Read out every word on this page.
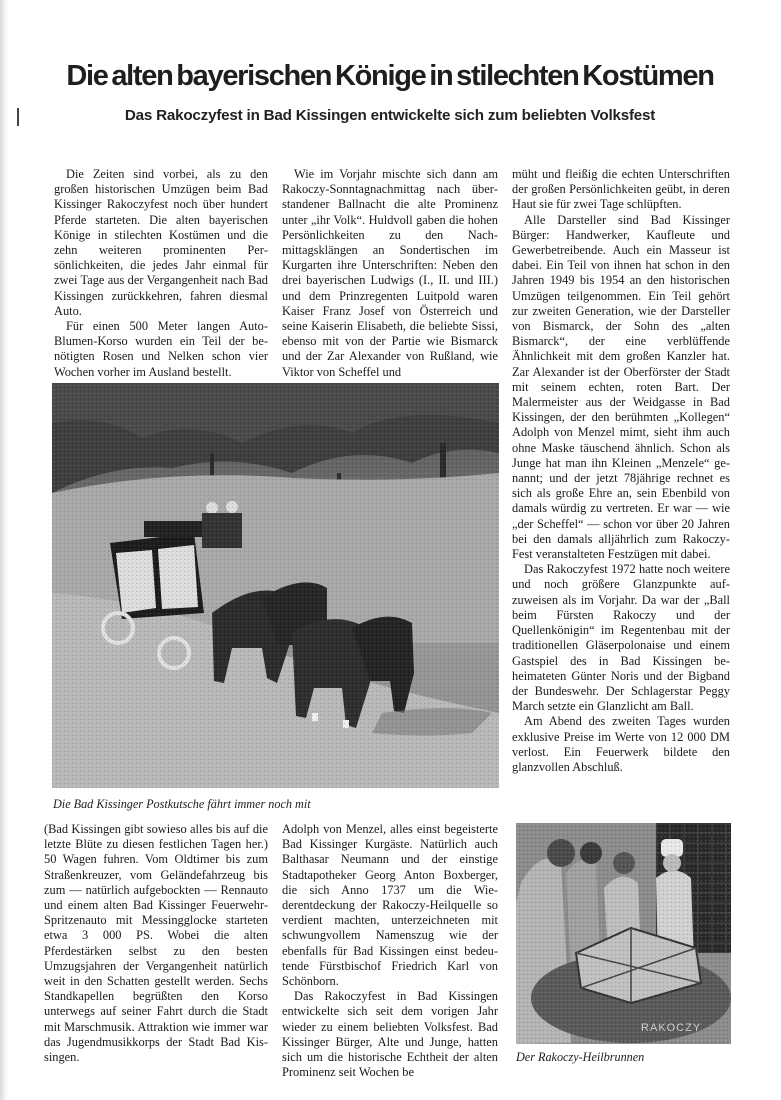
Die alten bayerischen Könige in stilechten Kostümen
Das Rakoczyfest in Bad Kissingen entwickelte sich zum beliebten Volksfest

Die Zeiten sind vorbei, als zu den großen historischen Umzügen beim Bad Kissinger Rakoczyfest noch über hundert Pferde starteten. Die alten bayerischen Könige in stilechten Kostümen und die zehn weiteren prominenten Persönlichkeiten, die jedes Jahr einmal für zwei Tage aus der Vergangenheit nach Bad Kissingen zurückkehren, fahren diesmal Auto.

Für einen 500 Meter langen Auto-Blumen-Korso wurden ein Teil der benötigten Rosen und Nelken schon vier Wochen vorher im Ausland bestellt.

Wie im Vorjahr mischte sich dann am Rakoczy-Sonntagnachmittag nach überstandener Ballnacht die alte Prominenz unter „ihr Volk“. Huldvoll gaben die hohen Persönlichkeiten zu den Nachmittagsklängen an Sondertischen im Kurgarten ihre Unterschriften: Neben den drei bayerischen Ludwigs (I., II. und III.) und dem Prinzregenten Luitpold waren Kaiser Franz Josef von Österreich und seine Kaiserin Elisabeth, die beliebte Sissi, ebenso mit von der Partie wie Bismarck und der Zar Alexander von Rußland, wie Viktor von Scheffel und

müht und fleißig die echten Unterschriften der großen Persönlichkeiten geübt, in deren Haut sie für zwei Tage schlüpften.

Alle Darsteller sind Bad Kissinger Bürger: Handwerker, Kaufleute und Gewerbetreibende. Auch ein Masseur ist dabei. Ein Teil von ihnen hat schon in den Jahren 1949 bis 1954 an den historischen Umzügen teilgenommen. Ein Teil gehört zur zweiten Generation, wie der Darsteller von Bismarck, der Sohn des „alten Bismarck“, der eine verblüffende Ähnlichkeit mit dem großen Kanzler hat. Zar Alexander ist der Oberförster der Stadt mit seinem echten, roten Bart. Der Malermeister aus der Weidgasse in Bad Kissingen, der den berühmten „Kollegen“ Adolph von Menzel mimt, sieht ihm auch ohne Maske täuschend ähnlich. Schon als Junge hat man ihn Kleinen „Menzele“ genannt; und der jetzt 78jährige rechnet es sich als große Ehre an, sein Ebenbild von damals würdig zu vertreten. Er war — wie „der Scheffel“ — schon vor über 20 Jahren bei den damals alljährlich zum Rakoczy-Fest veranstalteten Festzügen mit dabei.

Das Rakoczyfest 1972 hatte noch weitere und noch größere Glanzpunkte aufzuweisen als im Vorjahr. Da war der „Ball beim Fürsten Rakoczy und der Quellenkönigin“ im Regentenbau mit der traditionellen Gläserpolonaise und einem Gastspiel des in Bad Kissingen beheimateten Günter Noris und der Bigband der Bundeswehr. Der Schlagerstar Peggy March setzte ein Glanzlicht am Ball.

Am Abend des zweiten Tages wurden exklusive Preise im Werte von 12 000 DM verlost. Ein Feuerwerk bildete den glanzvollen Abschluß.

Die Bad Kissinger Postkutsche fährt immer noch mit

(Bad Kissingen gibt sowieso alles bis auf die letzte Blüte zu diesen festlichen Tagen her.) 50 Wagen fuhren. Vom Oldtimer bis zum Straßenkreuzer, vom Geländefahrzeug bis zum — natürlich aufgebockten — Rennauto und einem alten Bad Kissinger Feuerwehr-Spritzenauto mit Messingglocke starteten etwa 3 000 PS. Wobei die alten Pferdestärken selbst zu den besten Umzugsjahren der Vergangenheit natürlich weit in den Schatten gestellt werden. Sechs Standkapellen begrüßten den Korso unterwegs auf seiner Fahrt durch die Stadt mit Marschmusik. Attraktion wie immer war das Jugendmusikkorps der Stadt Bad Kissingen.

Adolph von Menzel, alles einst begeisterte Bad Kissinger Kurgäste. Natürlich auch Balthasar Neumann und der einstige Stadtapotheker Georg Anton Boxberger, die sich Anno 1737 um die Wiederentdeckung der Rakoczy-Heilquelle so verdient machten, unterzeichneten mit schwungvollem Namenszug wie der ebenfalls für Bad Kissingen einst bedeutende Fürstbischof Friedrich Karl von Schönborn.

Das Rakoczyfest in Bad Kissingen entwickelte sich seit dem vorigen Jahr wieder zu einem beliebten Volksfest. Bad Kissinger Bürger, Alte und Junge, hatten sich um die historische Echtheit der alten Prominenz seit Wochen be

Der Rakoczy-Heilbrunnen
